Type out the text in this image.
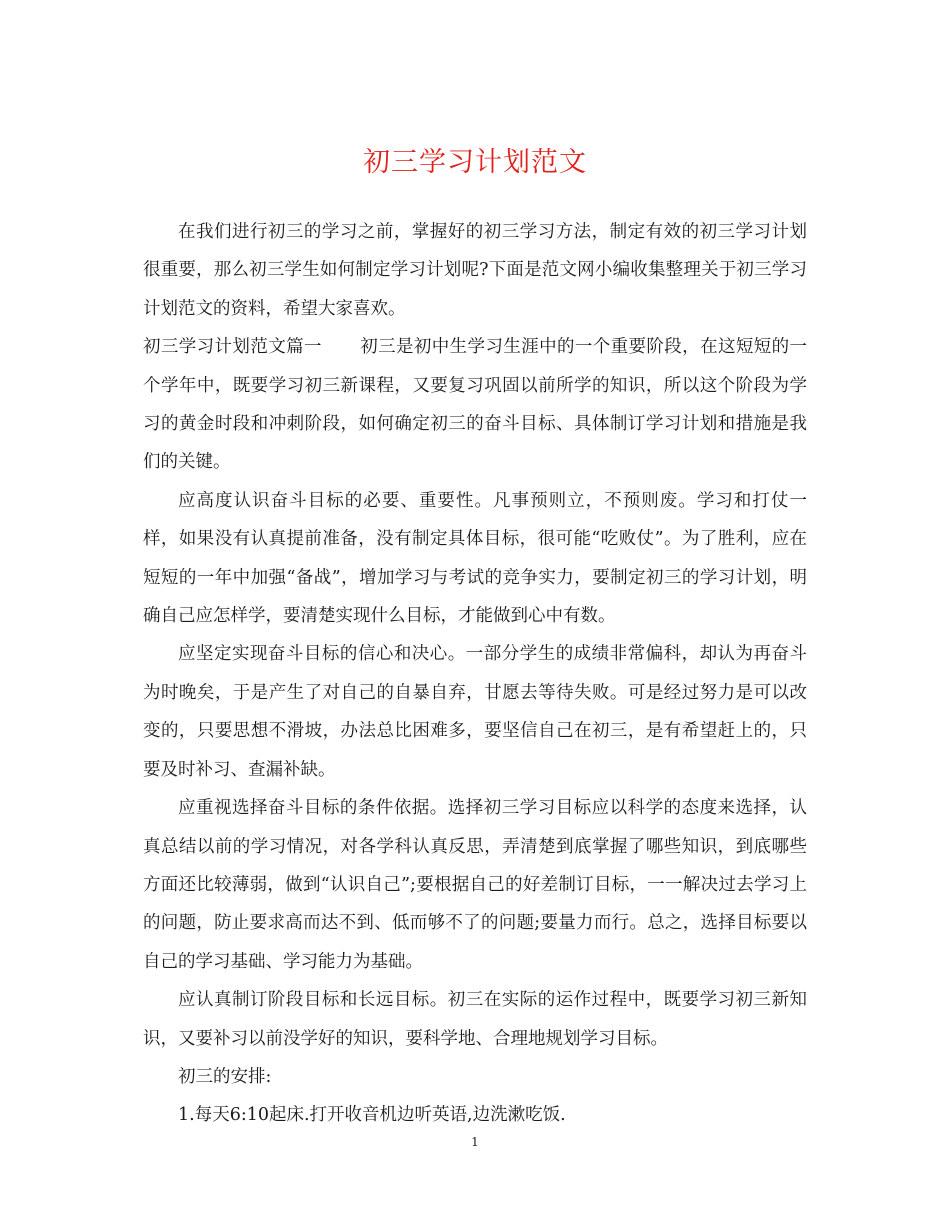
初三学习计划范文

在我们进行初三的学习之前，掌握好的初三学习方法，制定有效的初三学习计划很重要，那么初三学生如何制定学习计划呢?下面是范文网小编收集整理关于初三学习计划范文的资料，希望大家喜欢。

初三学习计划范文篇一 初三是初中生学习生涯中的一个重要阶段，在这短短的一个学年中，既要学习初三新课程，又要复习巩固以前所学的知识，所以这个阶段为学习的黄金时段和冲刺阶段，如何确定初三的奋斗目标、具体制订学习计划和措施是我们的关键。

应高度认识奋斗目标的必要、重要性。凡事预则立，不预则废。学习和打仗一样，如果没有认真提前准备，没有制定具体目标，很可能“吃败仗”。为了胜利，应在短短的一年中加强“备战”，增加学习与考试的竞争实力，要制定初三的学习计划，明确自己应怎样学，要清楚实现什么目标，才能做到心中有数。

应坚定实现奋斗目标的信心和决心。一部分学生的成绩非常偏科，却认为再奋斗为时晚矣，于是产生了对自己的自暴自弃，甘愿去等待失败。可是经过努力是可以改变的，只要思想不滑坡，办法总比困难多，要坚信自己在初三，是有希望赶上的，只要及时补习、查漏补缺。

应重视选择奋斗目标的条件依据。选择初三学习目标应以科学的态度来选择，认真总结以前的学习情况，对各学科认真反思，弄清楚到底掌握了哪些知识，到底哪些方面还比较薄弱，做到“认识自己”;要根据自己的好差制订目标，一一解决过去学习上的问题，防止要求高而达不到、低而够不了的问题;要量力而行。总之，选择目标要以自己的学习基础、学习能力为基础。

应认真制订阶段目标和长远目标。初三在实际的运作过程中，既要学习初三新知识，又要补习以前没学好的知识，要科学地、合理地规划学习目标。

初三的安排:

1.每天6:10起床.打开收音机边听英语,边洗漱吃饭.

1
